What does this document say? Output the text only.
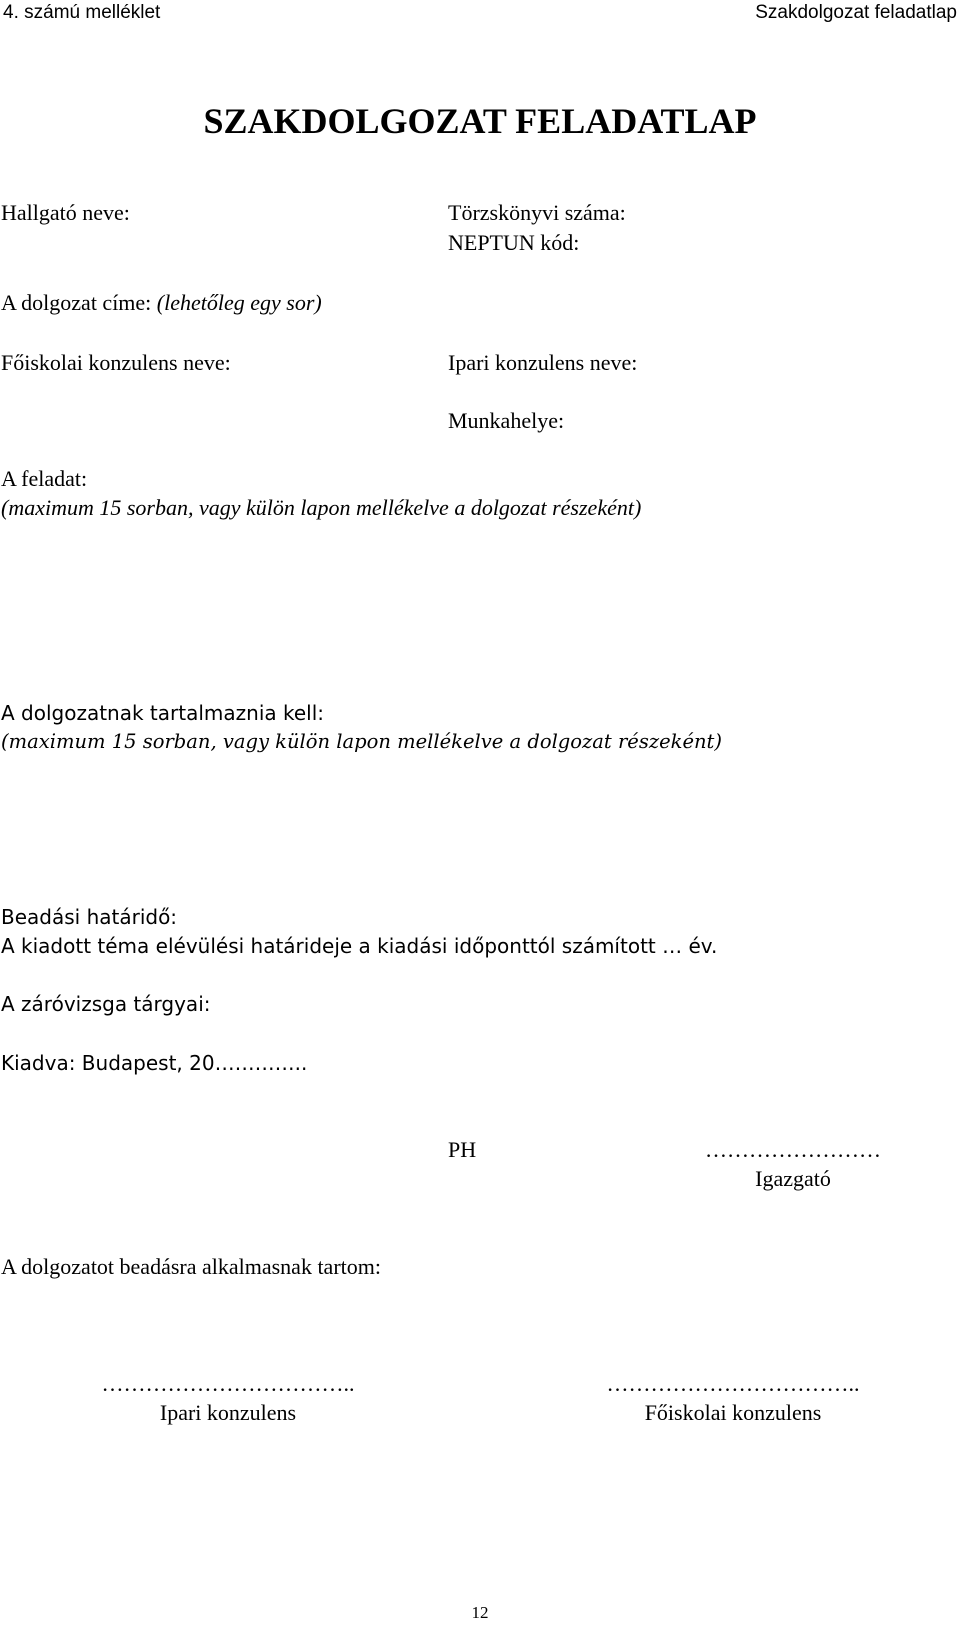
4. számú melléklet	Szakdolgozat feladatlap
SZAKDOLGOZAT FELADATLAP
Hallgató neve:	Törzskönyvi száma:
NEPTUN kód:
A dolgozat címe: (lehetőleg egy sor)
Főiskolai konzulens neve:	Ipari konzulens neve:
Munkahelye:
A feladat:
(maximum 15 sorban, vagy külön lapon mellékelve a dolgozat részeként)
A dolgozatnak tartalmaznia kell:
(maximum 15 sorban, vagy külön lapon mellékelve a dolgozat részeként)
Beadási határidő:
A kiadott téma elévülési határideje a kiadási időponttól számított … év.
A záróvizsga tárgyai:
Kiadva: Budapest, 20…………..
PH	……………………
Igazgató
A dolgozatot beadásra alkalmasnak tartom:
……………………………..
Ipari konzulens
……………………………..
Főiskolai konzulens
12
